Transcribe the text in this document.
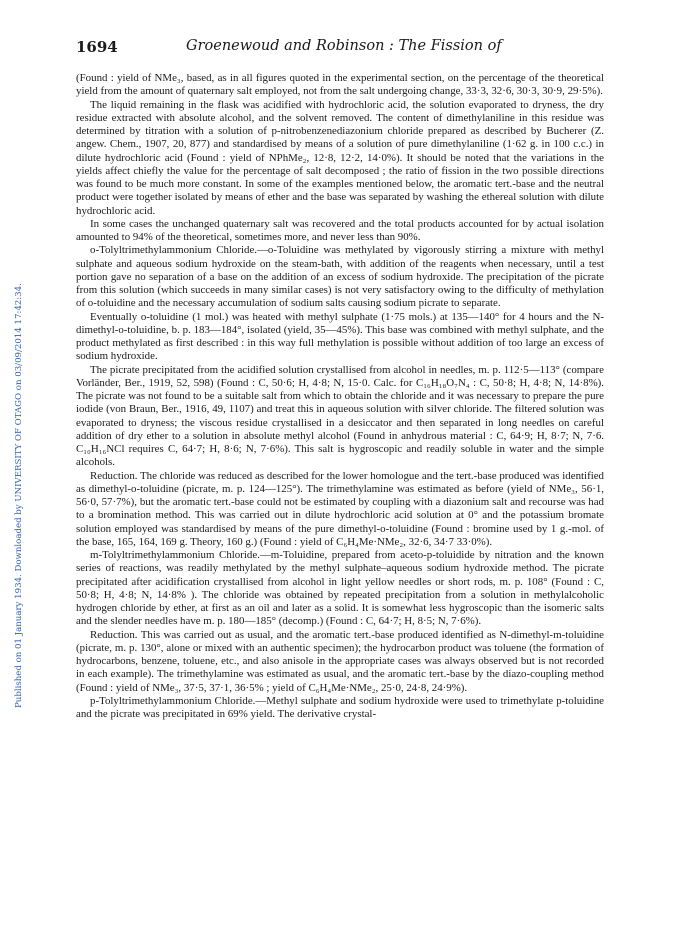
Published on 01 January 1934. Downloaded by UNIVERSITY OF OTAGO on 03/09/2014 17:42:34.
1694	Groenewoud and Robinson : The Fission of

(Found : yield of NMe₃, based, as in all figures quoted in the experimental section, on the percentage of the theoretical yield from the amount of quaternary salt employed, not from the salt undergoing change, 33·3, 32·6, 30·3, 30·9, 29·5%).

The liquid remaining in the flask was acidified with hydrochloric acid, the solution evaporated to dryness, the dry residue extracted with absolute alcohol, and the solvent removed. The content of dimethylaniline in this residue was determined by titration with a solution of p-nitrobenzenediazonium chloride prepared as described by Bucherer (Z. angew. Chem., 1907, 20, 877) and standardised by means of a solution of pure dimethylaniline (1·62 g. in 100 c.c.) in dilute hydrochloric acid (Found : yield of NPhMe₂, 12·8, 12·2, 14·0%). It should be noted that the variations in the yields affect chiefly the value for the percentage of salt decomposed ; the ratio of fission in the two possible directions was found to be much more constant. In some of the examples mentioned below, the aromatic tert.-base and the neutral product were together isolated by means of ether and the base was separated by washing the ethereal solution with dilute hydrochloric acid.

In some cases the unchanged quaternary salt was recovered and the total products accounted for by actual isolation amounted to 94% of the theoretical, sometimes more, and never less than 90%.

o-Tolyltrimethylammonium Chloride.—o-Toluidine was methylated by vigorously stirring a mixture with methyl sulphate and aqueous sodium hydroxide on the steam-bath, with addition of the reagents when necessary, until a test portion gave no separation of a base on the addition of an excess of sodium hydroxide. The precipitation of the picrate from this solution (which succeeds in many similar cases) is not very satisfactory owing to the difficulty of methylation of o-toluidine and the necessary accumulation of sodium salts causing sodium picrate to separate.

Eventually o-toluidine (1 mol.) was heated with methyl sulphate (1·75 mols.) at 135—140° for 4 hours and the N-dimethyl-o-toluidine, b. p. 183—184°, isolated (yield, 35—45%). This base was combined with methyl sulphate, and the product methylated as first described : in this way full methylation is possible without addition of too large an excess of sodium hydroxide.

The picrate precipitated from the acidified solution crystallised from alcohol in needles, m. p. 112·5—113° (compare Vorländer, Ber., 1919, 52, 598) (Found : C, 50·6; H, 4·8; N, 15·0. Calc. for C₁₆H₁₈O₇N₄ : C, 50·8; H, 4·8; N, 14·8%). The picrate was not found to be a suitable salt from which to obtain the chloride and it was necessary to prepare the pure iodide (von Braun, Ber., 1916, 49, 1107) and treat this in aqueous solution with silver chloride. The filtered solution was evaporated to dryness; the viscous residue crystallised in a desiccator and then separated in long needles on careful addition of dry ether to a solution in absolute methyl alcohol (Found in anhydrous material : C, 64·9; H, 8·7; N, 7·6. C₁₀H₁₆NCl requires C, 64·7; H, 8·6; N, 7·6%). This salt is hygroscopic and readily soluble in water and the simple alcohols.

Reduction. The chloride was reduced as described for the lower homologue and the tert.-base produced was identified as dimethyl-o-toluidine (picrate, m. p. 124—125°). The trimethylamine was estimated as before (yield of NMe₃, 56·1, 56·0, 57·7%), but the aromatic tert.-base could not be estimated by coupling with a diazonium salt and recourse was had to a bromination method. This was carried out in dilute hydrochloric acid solution at 0° and the potassium bromate solution employed was standardised by means of the pure dimethyl-o-toluidine (Found : bromine used by 1 g.-mol. of the base, 165, 164, 169 g. Theory, 160 g.) (Found : yield of C₆H₄Me·NMe₂, 32·6, 34·7 33·0%).

m-Tolyltrimethylammonium Chloride.—m-Toluidine, prepared from aceto-p-toluidide by nitration and the known series of reactions, was readily methylated by the methyl sulphate–aqueous sodium hydroxide method. The picrate precipitated after acidification crystallised from alcohol in light yellow needles or short rods, m. p. 108° (Found : C, 50·8; H, 4·8; N, 14·8% ). The chloride was obtained by repeated precipitation from a solution in methylalcoholic hydrogen chloride by ether, at first as an oil and later as a solid. It is somewhat less hygroscopic than the isomeric salts and the slender needles have m. p. 180—185° (decomp.) (Found : C, 64·7; H, 8·5; N, 7·6%).

Reduction. This was carried out as usual, and the aromatic tert.-base produced identified as N-dimethyl-m-toluidine (picrate, m. p. 130°, alone or mixed with an authentic specimen); the hydrocarbon product was toluene (the formation of hydrocarbons, benzene, toluene, etc., and also anisole in the appropriate cases was always observed but is not recorded in each example). The trimethylamine was estimated as usual, and the aromatic tert.-base by the diazo-coupling method (Found : yield of NMe₃, 37·5, 37·1, 36·5% ; yield of C₆H₄Me·NMe₂, 25·0, 24·8, 24·9%).

p-Tolyltrimethylammonium Chloride.—Methyl sulphate and sodium hydroxide were used to trimethylate p-toluidine and the picrate was precipitated in 69% yield. The derivative crystal-
